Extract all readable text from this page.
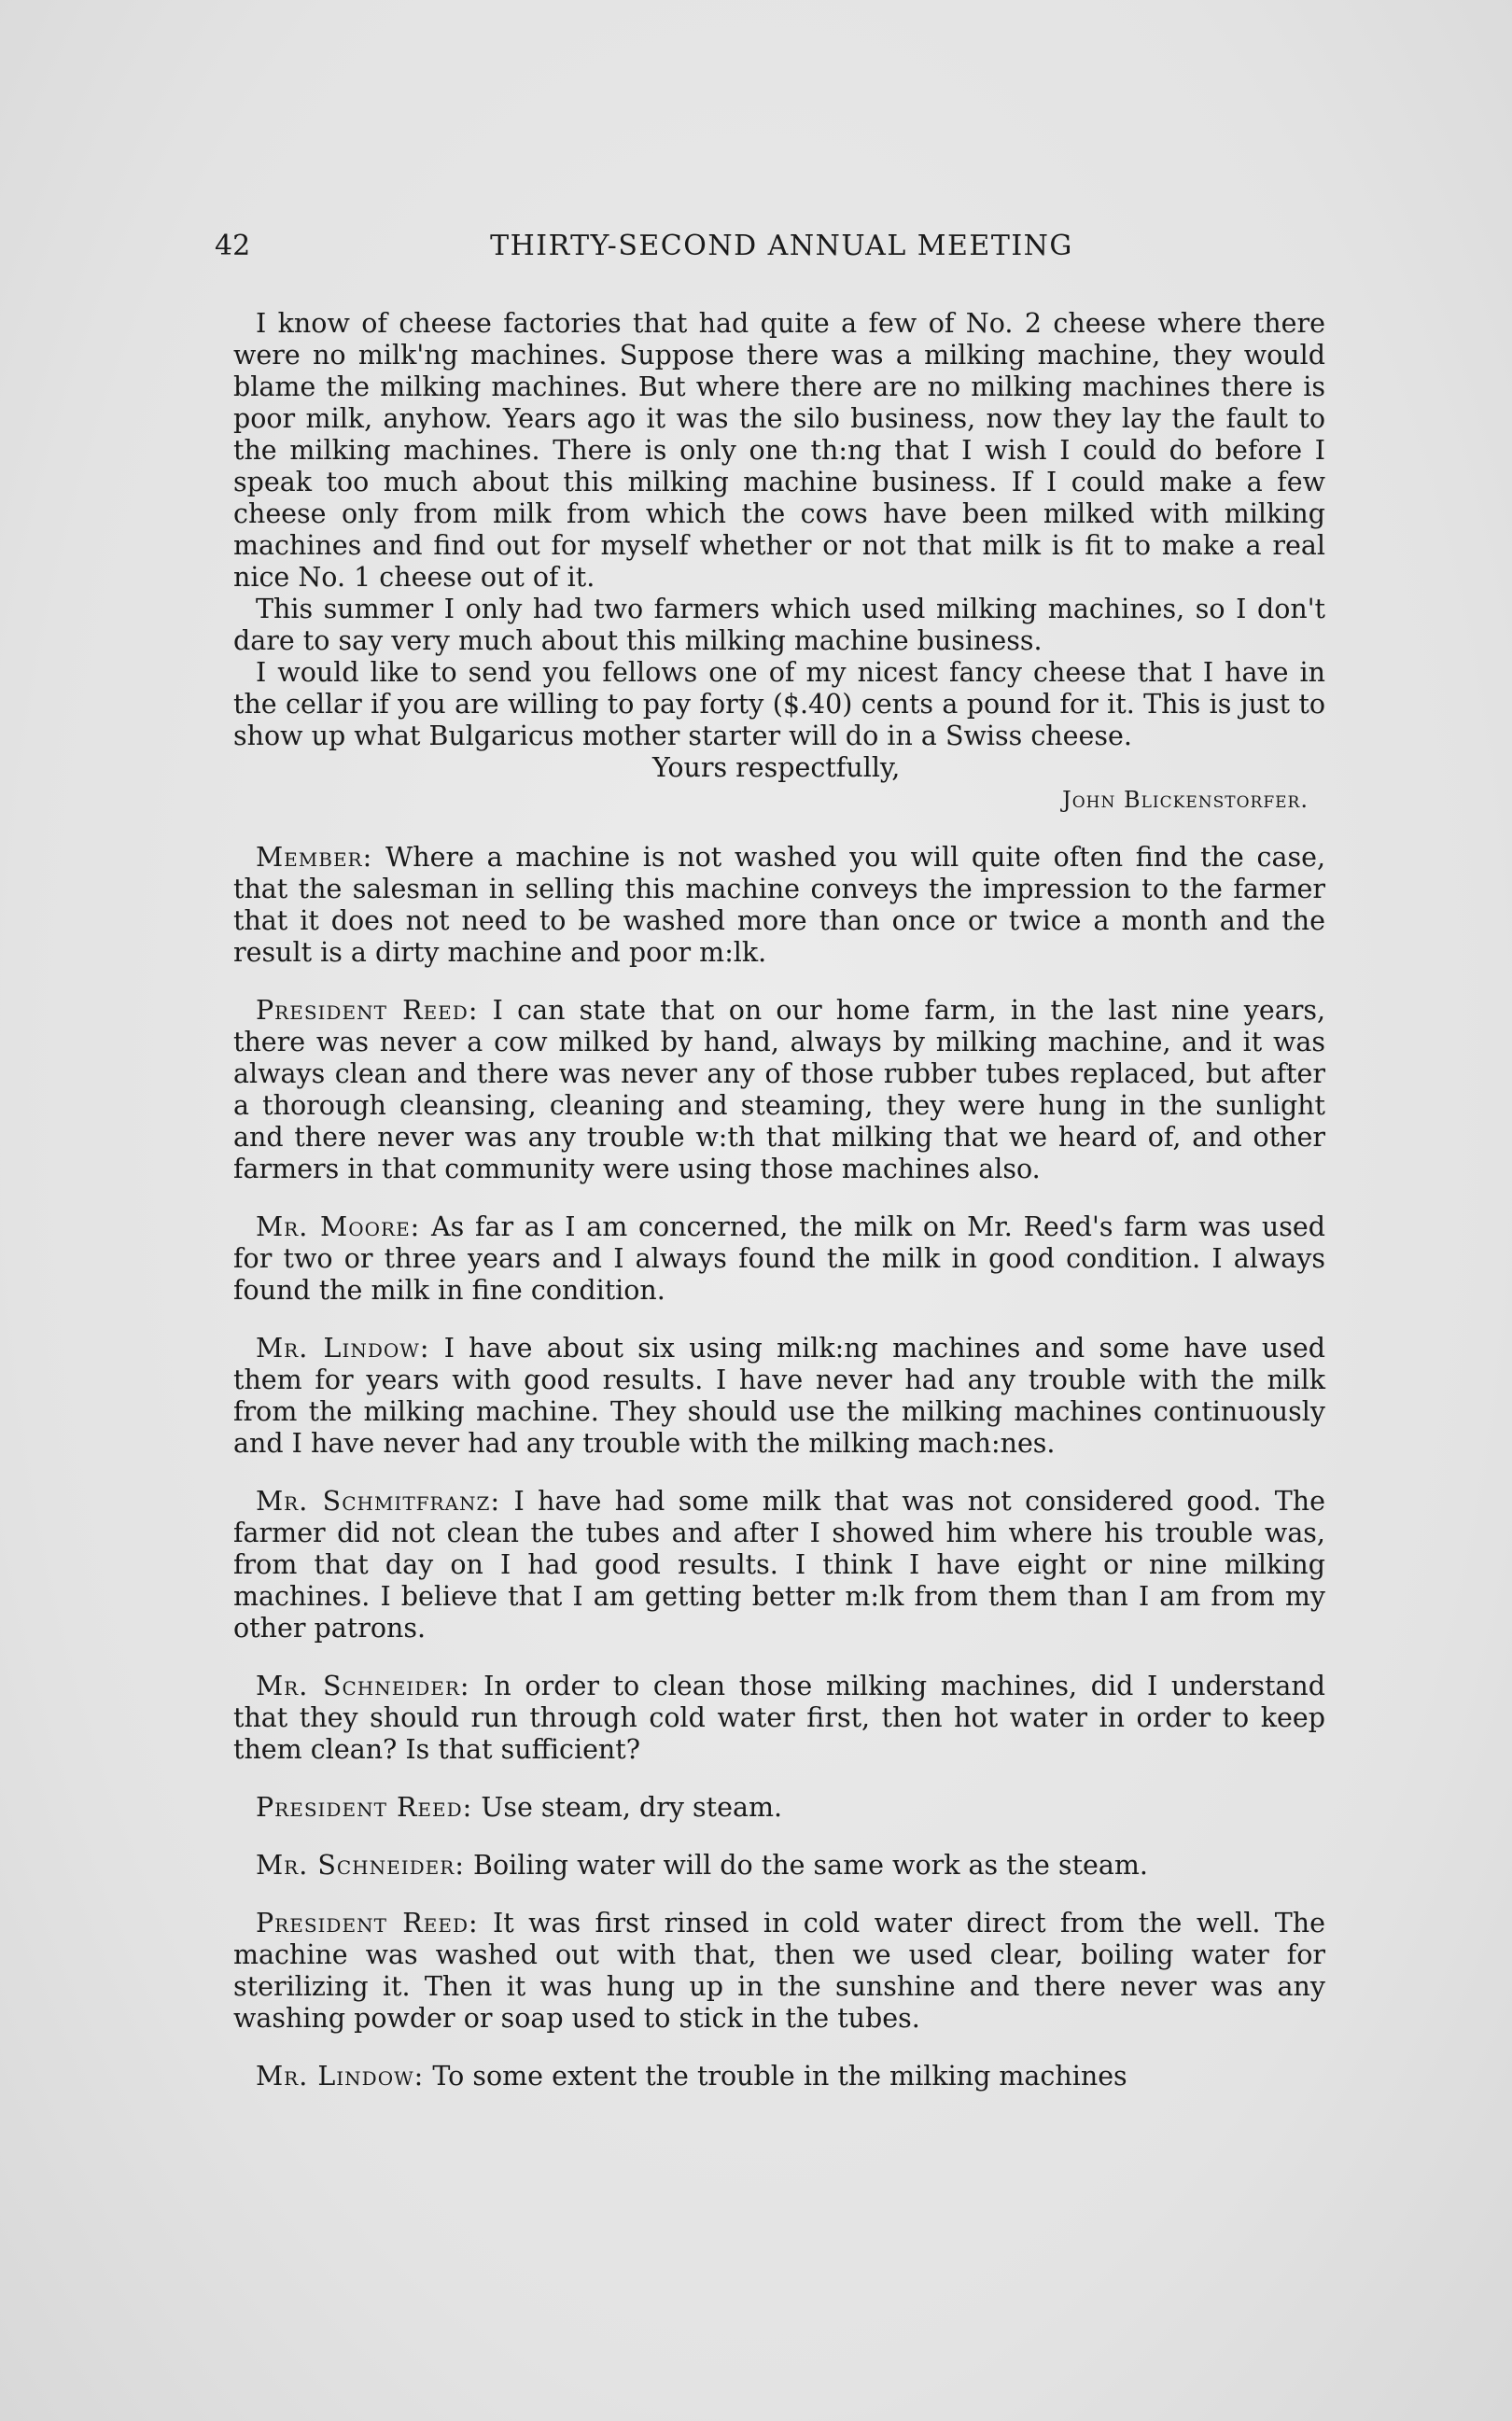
42	THIRTY-SECOND ANNUAL MEETING

I know of cheese factories that had quite a few of No. 2 cheese where there were no milk'ng machines. Suppose there was a milking machine, they would blame the milking machines. But where there are no milking machines there is poor milk, anyhow. Years ago it was the silo business, now they lay the fault to the milking machines. There is only one th:ng that I wish I could do before I speak too much about this milking machine business. If I could make a few cheese only from milk from which the cows have been milked with milking machines and find out for myself whether or not that milk is fit to make a real nice No. 1 cheese out of it.

This summer I only had two farmers which used milking machines, so I don't dare to say very much about this milking machine business.

I would like to send you fellows one of my nicest fancy cheese that I have in the cellar if you are willing to pay forty ($.40) cents a pound for it. This is just to show up what Bulgaricus mother starter will do in a Swiss cheese.

Yours respectfully,

John Blickenstorfer.

Member: Where a machine is not washed you will quite often find the case, that the salesman in selling this machine conveys the impression to the farmer that it does not need to be washed more than once or twice a month and the result is a dirty machine and poor m:lk.

President Reed: I can state that on our home farm, in the last nine years, there was never a cow milked by hand, always by milking machine, and it was always clean and there was never any of those rubber tubes replaced, but after a thorough cleansing, cleaning and steaming, they were hung in the sunlight and there never was any trouble w:th that milking that we heard of, and other farmers in that community were using those machines also.

Mr. Moore: As far as I am concerned, the milk on Mr. Reed's farm was used for two or three years and I always found the milk in good condition. I always found the milk in fine condition.

Mr. Lindow: I have about six using milk:ng machines and some have used them for years with good results. I have never had any trouble with the milk from the milking machine. They should use the milking machines continuously and I have never had any trouble with the milking mach:nes.

Mr. Schmitfranz: I have had some milk that was not considered good. The farmer did not clean the tubes and after I showed him where his trouble was, from that day on I had good results. I think I have eight or nine milking machines. I believe that I am getting better m:lk from them than I am from my other patrons.

Mr. Schneider: In order to clean those milking machines, did I understand that they should run through cold water first, then hot water in order to keep them clean? Is that sufficient?

President Reed: Use steam, dry steam.

Mr. Schneider: Boiling water will do the same work as the steam.

President Reed: It was first rinsed in cold water direct from the well. The machine was washed out with that, then we used clear, boiling water for sterilizing it. Then it was hung up in the sunshine and there never was any washing powder or soap used to stick in the tubes.

Mr. Lindow: To some extent the trouble in the milking machines
